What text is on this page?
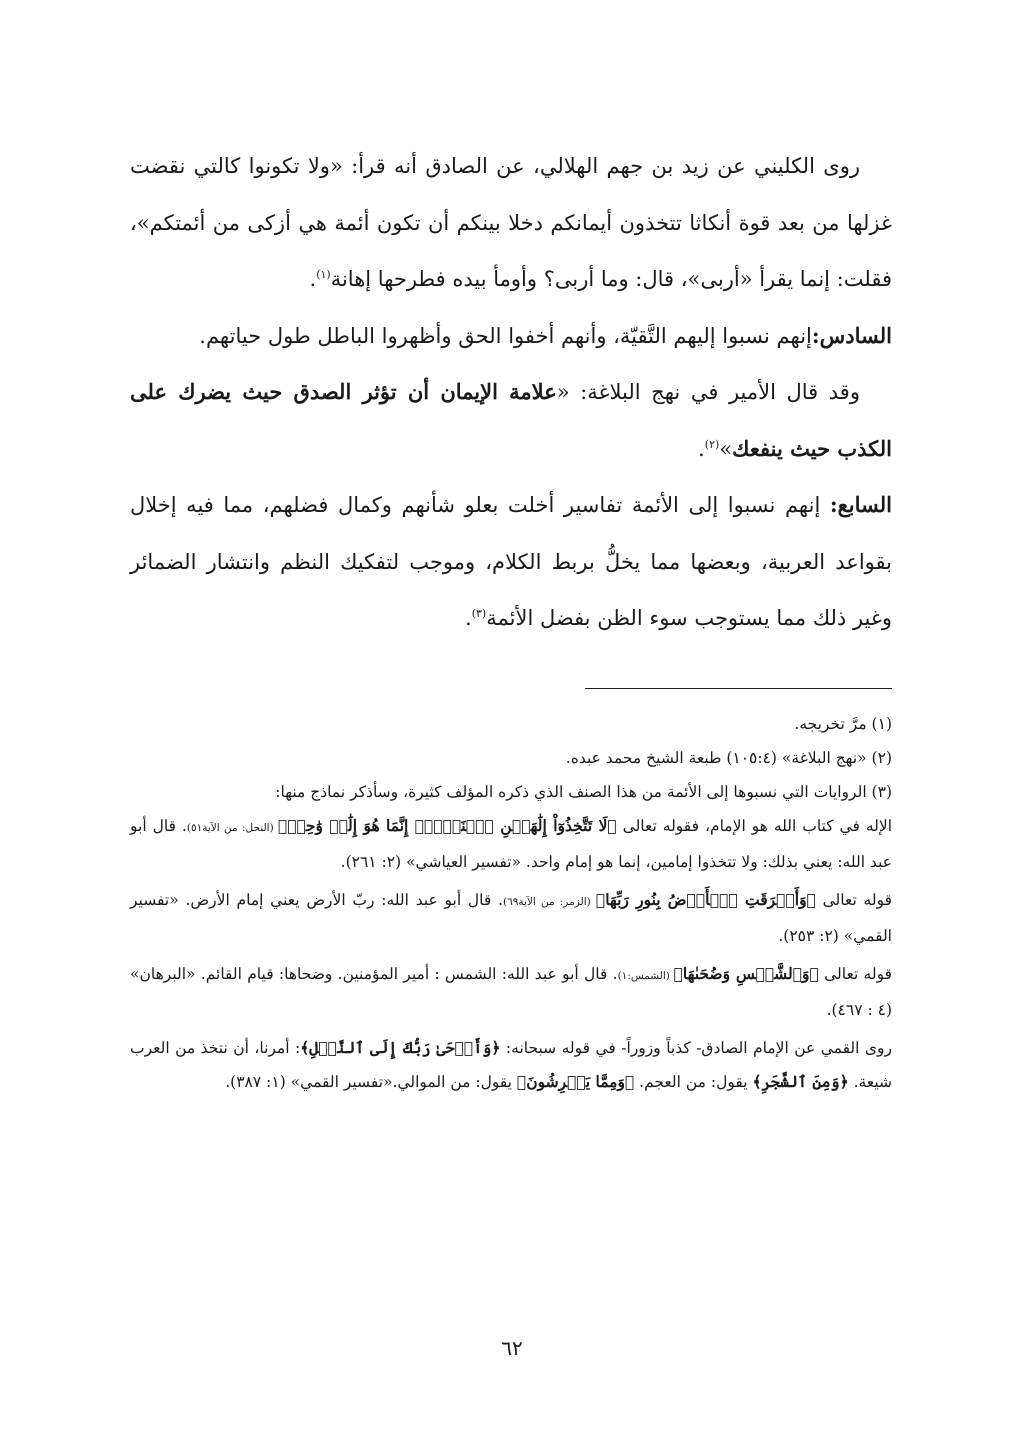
روى الكليني عن زيد بن جهم الهلالي، عن الصادق أنه قرأ: «ولا تكونوا كالتي نقضت غزلها من بعد قوة أنكاثا تتخذون أيمانكم دخلا بينكم أن تكون أئمة هي أزكى من أئمتكم»، فقلت: إنما يقرأ «أربى»، قال: وما أربى؟ وأومأ بيده فطرحها إهانة$^{(١)}$.

السادس:إنهم نسبوا إليهم التَّقيّة، وأنهم أخفوا الحق وأظهروا الباطل طول حياتهم.

وقد قال الأمير في نهج البلاغة: «علامة الإيمان أن تؤثر الصدق حيث يضرك على الكذب حيث ينفعك»$^{(٢)}$.

السابع: إنهم نسبوا إلى الأئمة تفاسير أخلت بعلو شأنهم وكمال فضلهم، مما فيه إخلال بقواعد العربية، وبعضها مما يخلُّ بربط الكلام، وموجب لتفكيك النظم وانتشار الضمائر وغير ذلك مما يستوجب سوء الظن بفضل الأئمة$^{(٣)}$.

(١) مرَّ تخريجه.

(٢) «نهج البلاغة» (١٠٥:٤) طبعة الشيخ محمد عبده.

(٣) الروايات التي نسبوها إلى الأئمة من هذا الصنف الذي ذكره المؤلف كثيرة، وسأذكر نماذج منها:

الإله في كتاب الله هو الإمام، فقوله تعالى ﴿لَا تَتَّخِذُوٓاْ إِلَٰهَيۡنِ ٱثۡنَيۡنِۖ إِنَّمَا هُوَ إِلَٰهٞ وَٰحِدٞ﴾ (النحل: من الآية٥١). قال أبو عبد الله: يعني بذلك: ولا تتخذوا إمامين، إنما هو إمام واحد. «تفسير العياشي» (٢: ٢٦١).

قوله تعالى ﴿وَأَشۡرَقَتِ ٱلۡأَرۡضُ بِنُورِ رَبِّهَا﴾ (الزمر: من الآية٦٩). قال أبو عبد الله: ربّ الأرض يعني إمام الأرض. «تفسير القمي» (٢: ٢٥٣).

قوله تعالى ﴿وَٱلشَّمۡسِ وَضُحَىٰهَا﴾ (الشمس:١). قال أبو عبد الله: الشمس : أمير المؤمنين. وضحاها: قيام القائم. «البرهان» (٤ : ٤٦٧).

روى القمي عن الإمام الصادق- كذباً وزوراً- في قوله سبحانه: ﴿وَأَوۡحَىٰ رَبُّكَ إِلَى ٱلنَّحۡلِ﴾: أمرنا، أن نتخذ من العرب شيعة. ﴿وَمِنَ ٱلشَّجَرِ﴾ يقول: من العجم. ﴿وَمِمَّا يَعۡرِشُونَ﴾ يقول: من الموالي.«تفسير القمي» (١: ٣٨٧).

٦٢
